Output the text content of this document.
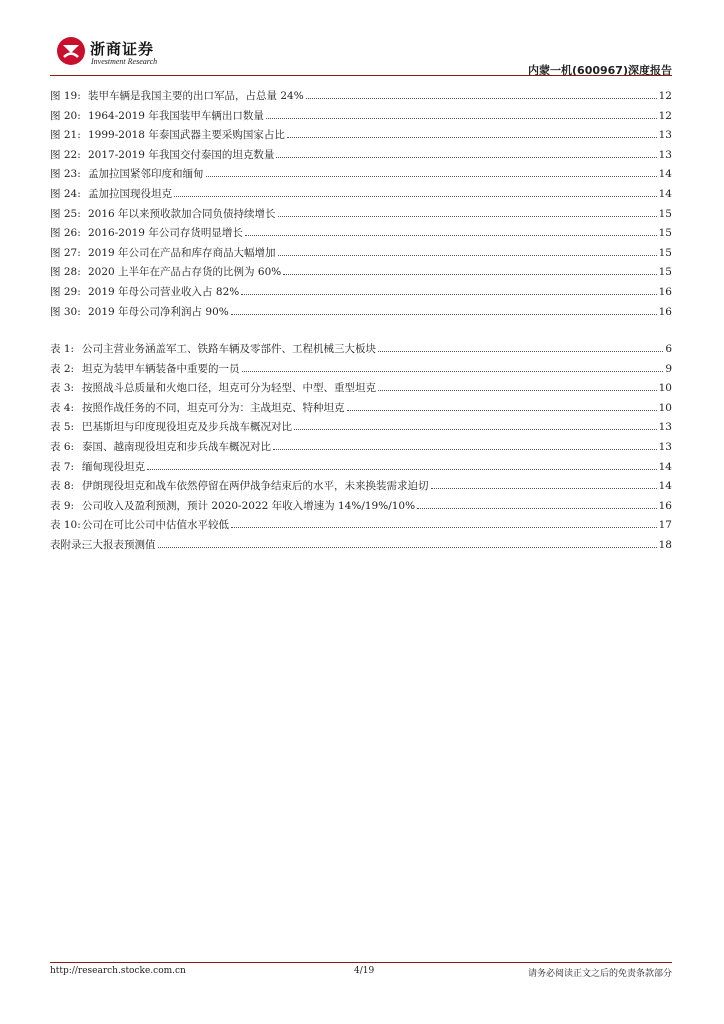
浙商证券
Investment Research
内蒙一机(600967)深度报告
图 19: 装甲车辆是我国主要的出口军品，占总量 24%	12
图 20: 1964-2019 年我国装甲车辆出口数量	12
图 21: 1999-2018 年泰国武器主要采购国家占比	13
图 22: 2017-2019 年我国交付泰国的坦克数量	13
图 23: 孟加拉国紧邻印度和缅甸	14
图 24: 孟加拉国现役坦克	14
图 25: 2016 年以来预收款加合同负债持续增长	15
图 26: 2016-2019 年公司存货明显增长	15
图 27: 2019 年公司在产品和库存商品大幅增加	15
图 28: 2020 上半年在产品占存货的比例为 60%	15
图 29: 2019 年母公司营业收入占 82%	16
图 30: 2019 年母公司净利润占 90%	16
表 1: 公司主营业务涵盖军工、铁路车辆及零部件、工程机械三大板块	6
表 2: 坦克为装甲车辆装备中重要的一员	9
表 3: 按照战斗总质量和火炮口径，坦克可分为轻型、中型、重型坦克	10
表 4: 按照作战任务的不同，坦克可分为：主战坦克、特种坦克	10
表 5: 巴基斯坦与印度现役坦克及步兵战车概况对比	13
表 6: 泰国、越南现役坦克和步兵战车概况对比	13
表 7: 缅甸现役坦克	14
表 8: 伊朗现役坦克和战车依然停留在两伊战争结束后的水平，未来换装需求迫切	14
表 9: 公司收入及盈利预测，预计 2020-2022 年收入增速为 14%/19%/10%	16
表 10:公司在可比公司中估值水平较低	17
表附录:三大报表预测值	18
http://research.stocke.com.cn	4/19	请务必阅读正文之后的免责条款部分
